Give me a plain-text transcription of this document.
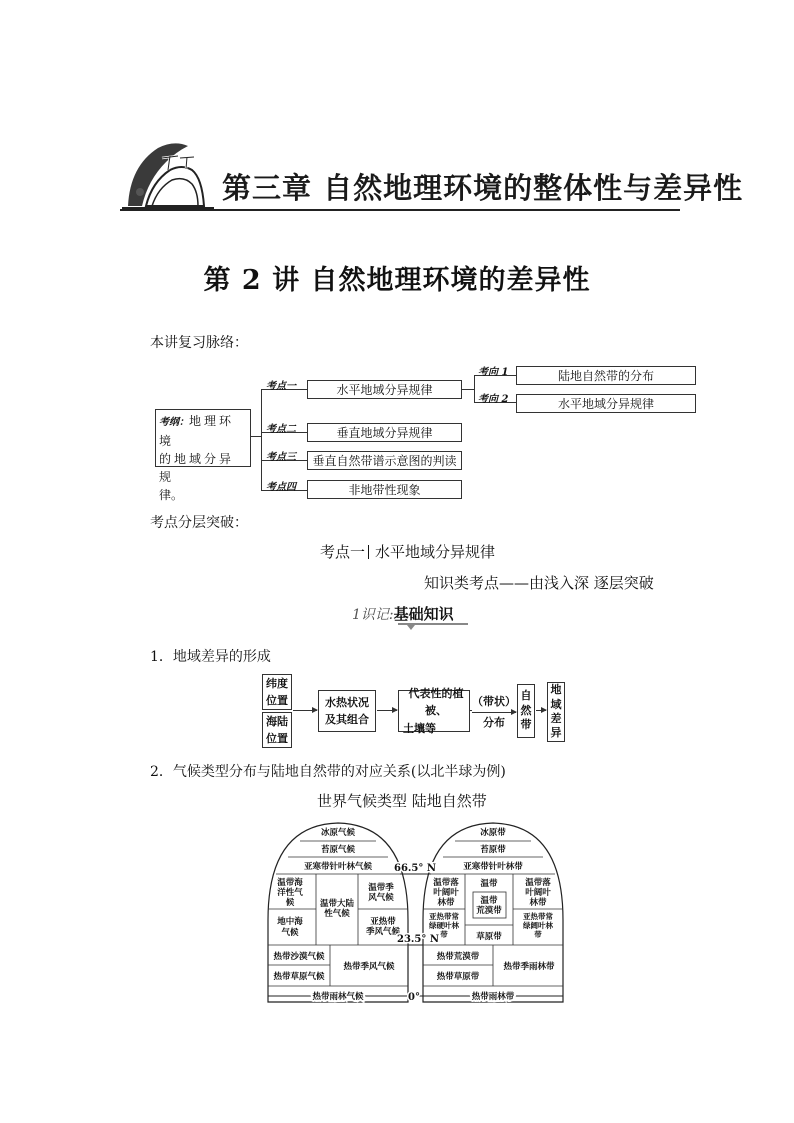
第三章 自然地理环境的整体性与差异性
第 2 讲 自然地理环境的差异性
本讲复习脉络：
考纲：地理环境
的地域分异规
律。
考点一
考点二
考点三
考点四
水平地域分异规律
垂直地域分异规律
垂直自然带谱示意图的判读
非地带性现象
考向 1
考向 2
陆地自然带的分布
水平地域分异规律
考点分层突破：
考点一 水平地域分异规律
知识类考点——由浅入深 逐层突破
1识记:基础知识
1．地域差异的形成
纬度
位置
海陆
位置
水热状况
及其组合
代表性的植被、
土壤等
（带状）
分布
自
然
带
地
域
差
异
2．气候类型分布与陆地自然带的对应关系(以北半球为例)
世界气候类型 陆地自然带
冰原气候
苔原气候
亚寒带针叶林气候
温带海
洋性气
候	温带大陆
性气候
温带季
风气候
地中海
气候
亚热带
季风气候
热带沙漠气候
热带草原气候
热带季风气候
热带雨林气候
冰原带
苔原带
亚寒带针叶林带
温带落
叶阔叶
林带
温带
温带
荒漠带
温带落
叶阔叶
林带
亚热带常
绿硬叶林
带	草原带
亚热带常
绿阔叶林
带
热带荒漠带
热带草原带
热带季雨林带
热带雨林带
66.5° N
23.5° N
0°
